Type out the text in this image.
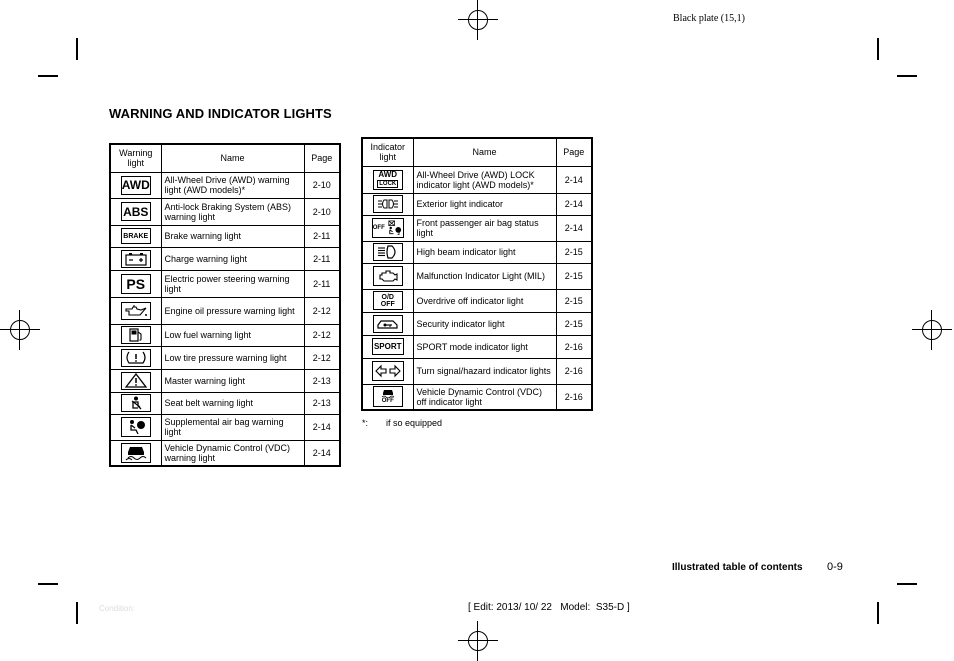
Black plate (15,1)
WARNING AND INDICATOR LIGHTS
Warning light	Name	Page

AWD	All-Wheel Drive (AWD) warning light (AWD models)*	2-10

ABS	Anti-lock Braking System (ABS) warning light	2-10

BRAKE	Brake warning light	2-11

	Charge warning light	2-11

PS	Electric power steering warning light	2-11

	Engine oil pressure warning light	2-12

	Low fuel warning light	2-12

	Low tire pressure warning light	2-12

	Master warning light	2-13

	Seat belt warning light	2-13

	Supplemental air bag warning light	2-14

	Vehicle Dynamic Control (VDC) warning light	2-14
Indicator light	Name	Page

AWD
LOCK	All-Wheel Drive (AWD) LOCK indicator light (AWD models)*	2-14

	Exterior light indicator	2-14

OFF
2	Front passenger air bag status light	2-14

	High beam indicator light	2-15

	Malfunction Indicator Light (MIL)	2-15

O/D
OFF	Overdrive off indicator light	2-15

	Security indicator light	2-15

SPORT	SPORT mode indicator light	2-16

	Turn signal/hazard indicator lights	2-16

OFF	Vehicle Dynamic Control (VDC) off indicator light	2-16
*: if so equipped
Illustrated table of contents 0-9
Condition:	[ Edit: 2013/ 10/ 22   Model:  S35-D ]
